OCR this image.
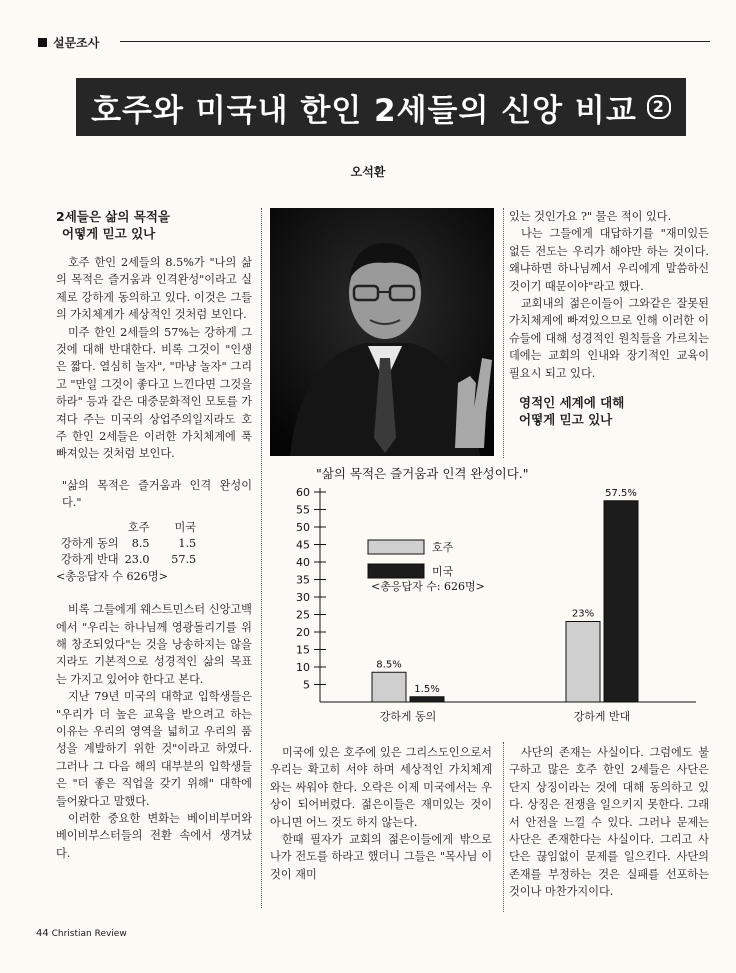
설문조사
호주와 미국내 한인 2세들의 신앙 비교	2
오석환
2세들은 삶의 목적을
어떻게 믿고 있나

호주 한인 2세들의 8.5%가 "나의 삶의 목적은 즐거움과 인격완성"이라고 실제로 강하게 동의하고 있다. 이것은 그들의 가치체계가 세상적인 것처럼 보인다.

미주 한인 2세들의 57%는 강하게 그것에 대해 반대한다. 비록 그것이 "인생은 짧다. 열심히 놀자", "마냥 놀자" 그리고 "만일 그것이 좋다고 느낀다면 그것을 하라" 등과 같은 대중문화적인 모토를 가져다 주는 미국의 상업주의일지라도 호주 한인 2세들은 이러한 가치체계에 푹 빠져있는 것처럼 보인다.

"삶의 목적은 즐거움과 인격 완성이다."
	호주	미국
강하게 동의	8.5	1.5
강하게 반대	23.0	57.5
<총응답자 수 626명>

비록 그들에게 웨스트민스터 신앙고백에서 "우리는 하나님께 영광돌리기를 위해 창조되었다"는 것을 낭송하지는 않을지라도 기본적으로 성경적인 삶의 목표는 가지고 있어야 한다고 본다.

지난 79년 미국의 대학교 입학생들은 "우리가 더 높은 교육을 받으려고 하는 이유는 우리의 영역을 넓히고 우리의 품성을 계발하기 위한 것"이라고 하였다. 그러나 그 다음 해의 대부분의 입학생들은 "더 좋은 직업을 갖기 위해" 대학에 들어왔다고 말했다.

이러한 중요한 변화는 베이비부머와 베이비부스터들의 전환 속에서 생겨났다.

있는 것인가요 ?" 물은 적이 있다.

나는 그들에게 대답하기를 "재미있든 없든 전도는 우리가 해야만 하는 것이다. 왜냐하면 하나님께서 우리에게 말씀하신 것이기 때문이야"라고 했다.

교회내의 젊은이들이 그와같은 잘못된 가치체계에 빠져있으므로 인해 이러한 이슈들에 대해 성경적인 원칙들을 가르치는데에는 교회의 인내와 장기적인 교육이 필요시 되고 있다.

영적인 세계에 대해
어떻게 믿고 있나
"삶의 목적은 즐거움과 인격 완성이다."
5
10
15
20
25
30
35
40
45
50
55
60
8.5%
1.5%
강하게 동의
23%
57.5%
강하게 반대
호주
미국
<총응답자 수: 626명>

미국에 있은 호주에 있은 그리스도인으로서 우리는 확고히 서야 하며 세상적인 가치체계와는 싸워야 한다. 오락은 이제 미국에서는 우상이 되어버렸다. 젊은이들은 재미있는 것이 아니면 어느 것도 하지 않는다.

한때 필자가 교회의 젊은이들에게 밖으로 나가 전도를 하라고 했더니 그들은 "목사님 이것이 재미

사단의 존재는 사실이다. 그럼에도 불구하고 많은 호주 한인 2세들은 사단은 단지 상징이라는 것에 대해 동의하고 있다. 상징은 전쟁을 일으키지 못한다. 그래서 안전을 느낄 수 있다. 그러나 문제는 사단은 존재한다는 사실이다. 그리고 사단은 끊임없이 문제를 일으킨다. 사단의 존재를 부정하는 것은 실패를 선포하는 것이나 마찬가지이다.

44 Christian Review
